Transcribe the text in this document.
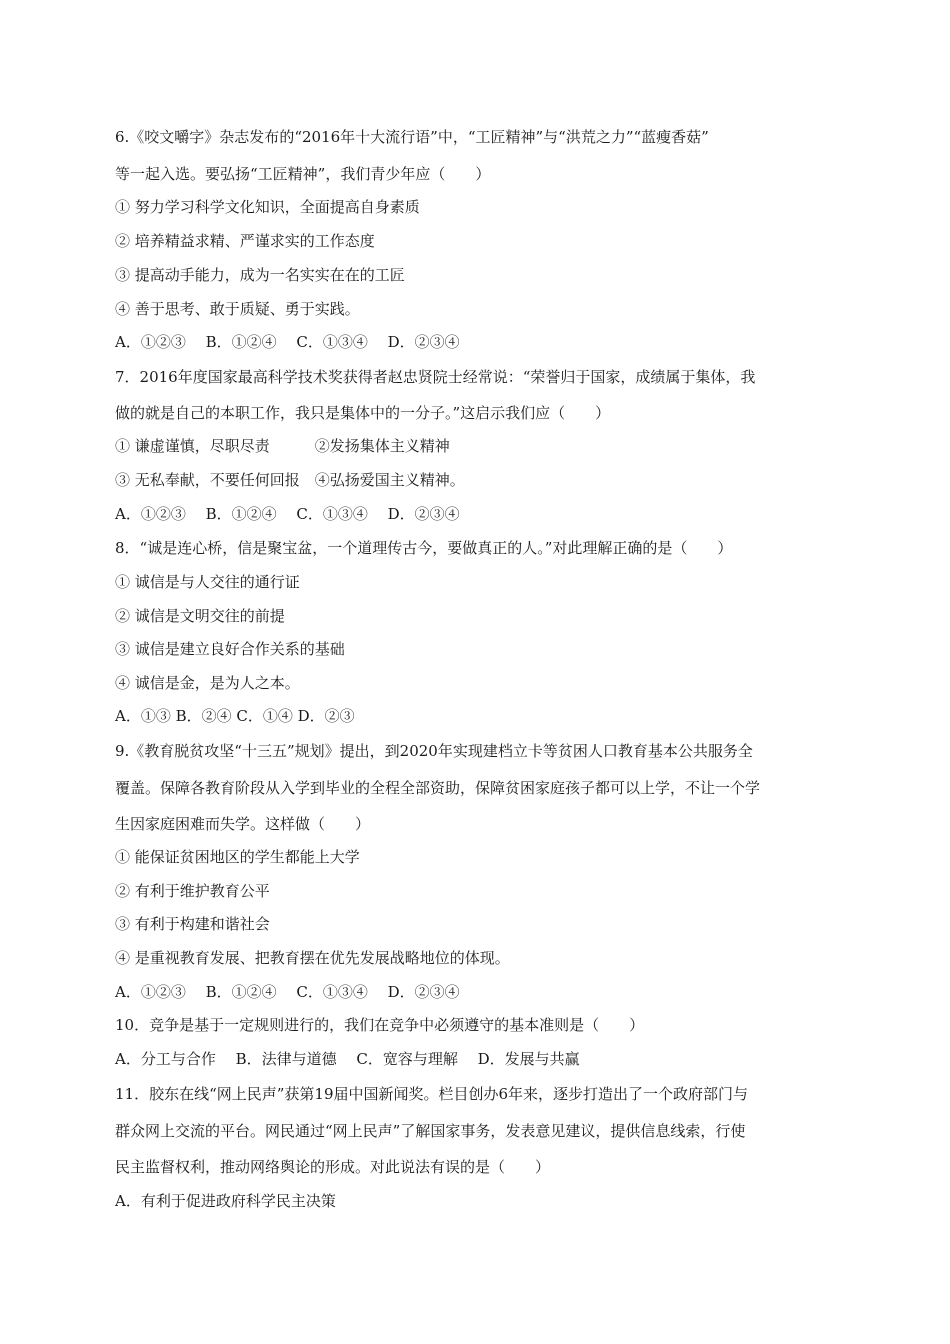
6.《咬文嚼字》杂志发布的“2016年十大流行语”中，“工匠精神”与“洪荒之力”“蓝瘦香菇”
等一起入选。要弘扬“工匠精神”，我们青少年应（　　）
① 努力学习科学文化知识，全面提高自身素质
② 培养精益求精、严谨求实的工作态度
③ 提高动手能力，成为一名实实在在的工匠
④ 善于思考、敢于质疑、勇于实践。
A．①②③　 B．①②④　 C．①③④　 D．②③④
7．2016年度国家最高科学技术奖获得者赵忠贤院士经常说：“荣誉归于国家，成绩属于集体，我
做的就是自己的本职工作，我只是集体中的一分子。”这启示我们应（　　）
① 谦虚谨慎，尽职尽责　　　②发扬集体主义精神
③ 无私奉献，不要任何回报　④弘扬爱国主义精神。
A．①②③　 B．①②④　 C．①③④　 D．②③④
8．“诚是连心桥，信是聚宝盆，一个道理传古今，要做真正的人。”对此理解正确的是（　　）
① 诚信是与人交往的通行证
② 诚信是文明交往的前提
③ 诚信是建立良好合作关系的基础
④ 诚信是金，是为人之本。
A．①③ B．②④ C．①④ D．②③
9.《教育脱贫攻坚“十三五”规划》提出，到2020年实现建档立卡等贫困人口教育基本公共服务全
覆盖。保障各教育阶段从入学到毕业的全程全部资助，保障贫困家庭孩子都可以上学，不让一个学
生因家庭困难而失学。这样做（　　）
① 能保证贫困地区的学生都能上大学
② 有利于维护教育公平
③ 有利于构建和谐社会
④ 是重视教育发展、把教育摆在优先发展战略地位的体现。
A．①②③　 B．①②④　 C．①③④　 D．②③④
10．竞争是基于一定规则进行的，我们在竞争中必须遵守的基本准则是（　　）
A．分工与合作　 B．法律与道德　 C．宽容与理解　 D．发展与共赢
11．胶东在线“网上民声”获第19届中国新闻奖。栏目创办6年来，逐步打造出了一个政府部门与
群众网上交流的平台。网民通过“网上民声”了解国家事务，发表意见建议，提供信息线索，行使
民主监督权利，推动网络舆论的形成。对此说法有误的是（　　）
A．有利于促进政府科学民主决策
